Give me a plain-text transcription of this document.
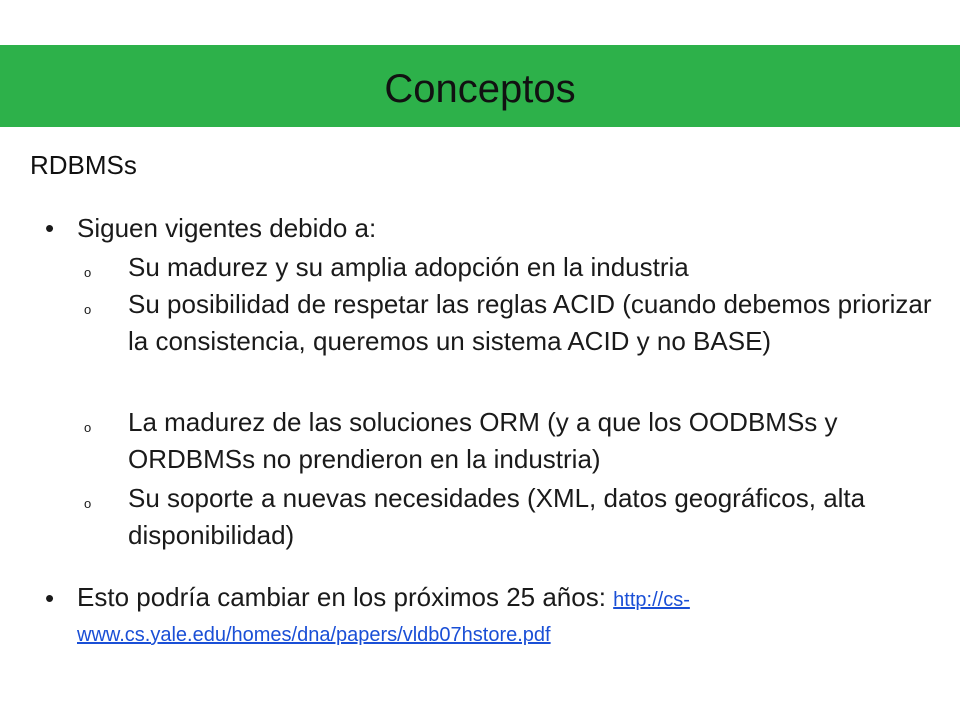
Conceptos
RDBMSs
• Siguen vigentes debido a:
o Su madurez y su amplia adopción en la industria
o Su posibilidad de respetar las reglas ACID (cuando debemos priorizar la consistencia, queremos un sistema ACID y no BASE)
o La madurez de las soluciones ORM (y a que los OODBMSs y ORDBMSs no prendieron en la industria)
o Su soporte a nuevas necesidades (XML, datos geográficos, alta disponibilidad)
• Esto podría cambiar en los próximos 25 años: http://cs-www.cs.yale.edu/homes/dna/papers/vldb07hstore.pdf
